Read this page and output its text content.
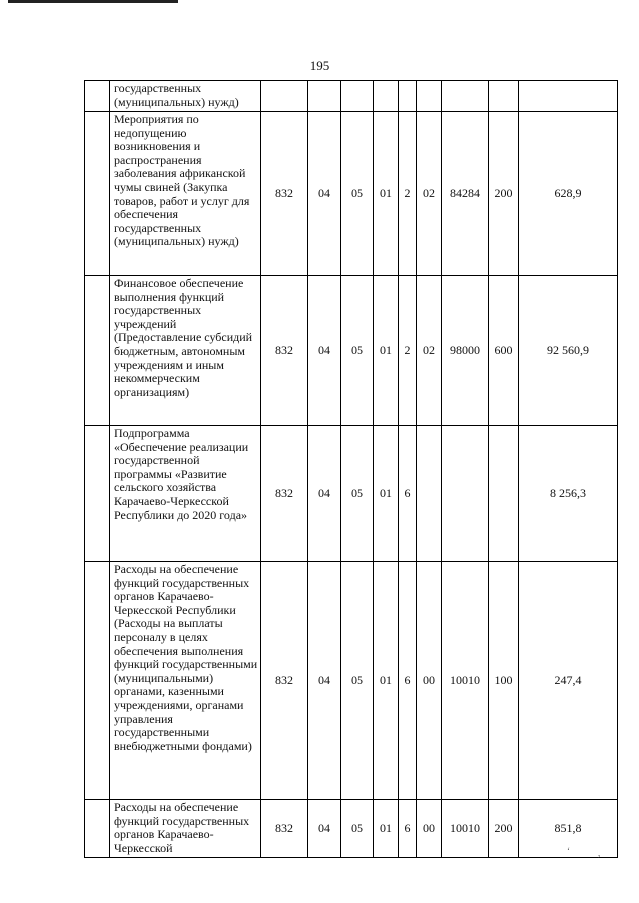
195
	государственных (муниципальных) нужд)									
	Мероприятия по недопущению возникновения и распространения заболевания африканской чумы свиней (Закупка товаров, работ и услуг для обеспечения государственных (муниципальных) нужд)	832	04	05	01	2	02	84284	200	628,9
	Финансовое обеспечение выполнения функций государственных учреждений (Предоставление субсидий бюджетным, автономным учреждениям и иным некоммерческим организациям)	832	04	05	01	2	02	98000	600	92 560,9
	Подпрограмма «Обеспечение реализации государственной программы «Развитие сельского хозяйства Карачаево-Черкесской Республики до 2020 года»	832	04	05	01	6				8 256,3
	Расходы на обеспечение функций государственных органов Карачаево-Черкесской Республики (Расходы на выплаты персоналу в целях обеспечения выполнения функций государственными (муниципальными) органами, казенными учреждениями, органами управления государственными внебюджетными фондами)	832	04	05	01	6	00	10010	100	247,4
	Расходы на обеспечение функций государственных органов Карачаево-Черкесской	832	04	05	01	6	00	10010	200	851,8
ʻ	,
